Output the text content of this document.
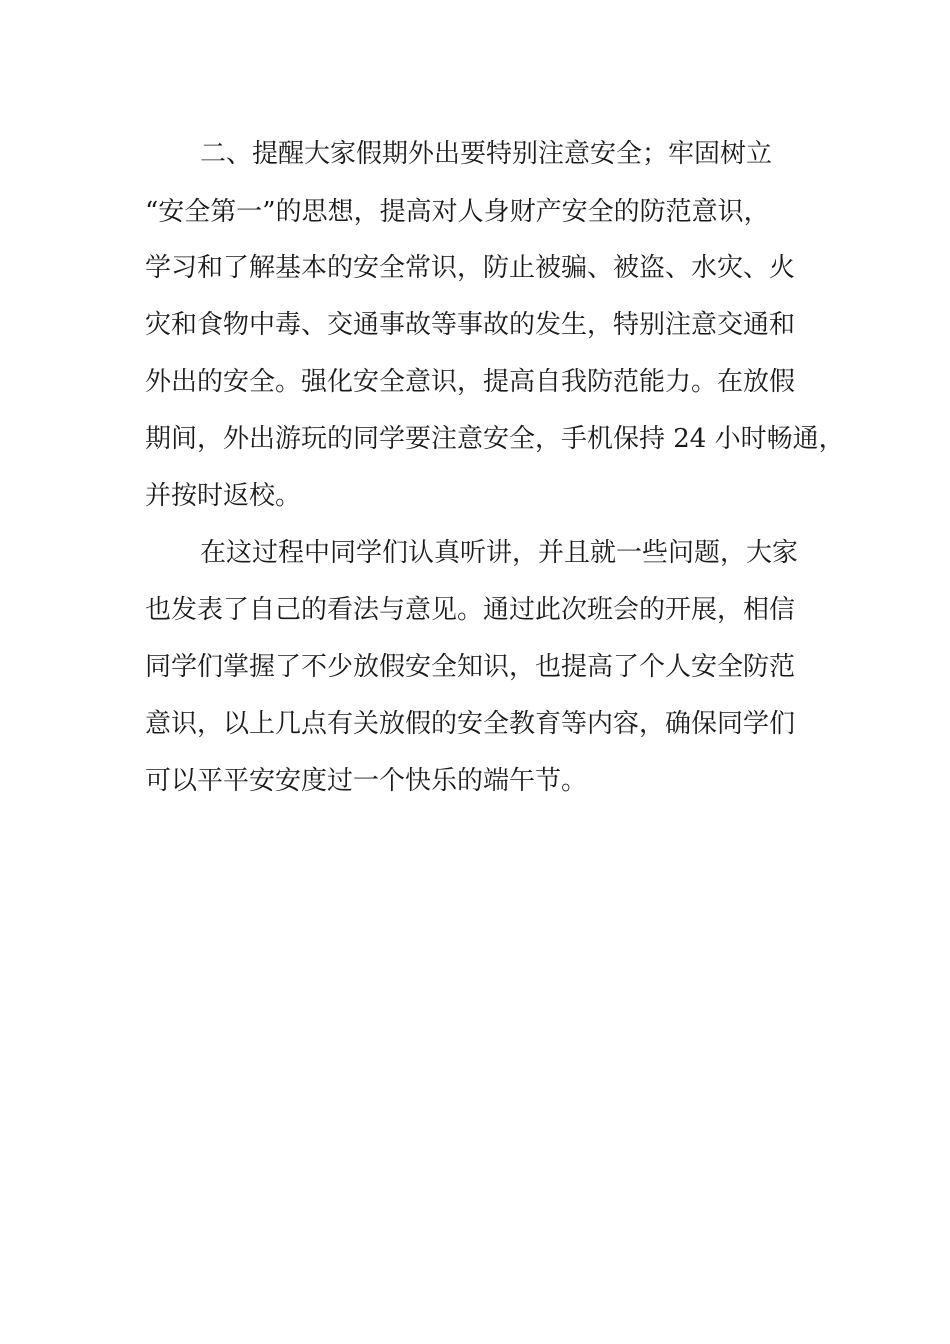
二、提醒大家假期外出要特别注意安全；牢固树立
“安全第一”的思想，提高对人身财产安全的防范意识，
学习和了解基本的安全常识，防止被骗、被盗、水灾、火
灾和食物中毒、交通事故等事故的发生，特别注意交通和
外出的安全。强化安全意识，提高自我防范能力。在放假
期间，外出游玩的同学要注意安全，手机保持 24 小时畅通，
并按时返校。
在这过程中同学们认真听讲，并且就一些问题，大家
也发表了自己的看法与意见。通过此次班会的开展，相信
同学们掌握了不少放假安全知识，也提高了个人安全防范
意识，以上几点有关放假的安全教育等内容，确保同学们
可以平平安安度过一个快乐的端午节。
